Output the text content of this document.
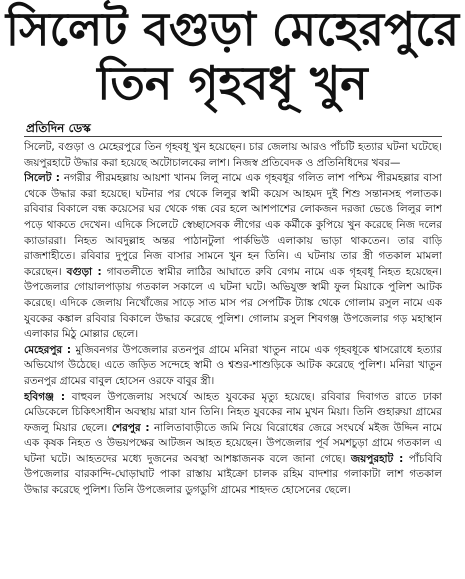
সিলেট বগুড়া মেহেরপুরে
তিন গৃহবধূ খুন
প্রতিদিন ডেস্ক

সিলেট, বগুড়া ও মেহেরপুরে তিন গৃহবধূ খুন হয়েছেন। চার জেলায় আরও পাঁচটি হত্যার ঘটনা ঘটেছে। জয়পুরহাটে উদ্ধার করা হয়েছে অটোচালকের লাশ। নিজস্ব প্রতিবেদক ও প্রতিনিধিদের খবর—
সিলেট : নগরীর পীরমহল্লায় আয়শা খানম লিলু নামে এক গৃহবধূর গলিত লাশ পশ্চিম পীরমহল্লার বাসা থেকে উদ্ধার করা হয়েছে। ঘটনার পর থেকে লিলুর স্বামী কয়েস আহমদ দুই শিশু সন্তানসহ পলাতক। রবিবার বিকালে বন্ধ কয়েসের ঘর থেকে গন্ধ বের হলে আশপাশের লোকজন দরজা ভেঙে লিলুর লাশ পড়ে থাকতে দেখেন। এদিকে সিলেটে স্বেচ্ছাসেবক লীগের এক কর্মীকে কুপিয়ে খুন করেছে নিজ দলের ক্যাডাররা। নিহত আবদুল্লাহ অন্তর পাঠানটুলা পার্কভিউ এলাকায় ভাড়া থাকতেন। তার বাড়ি রাজশাহীতে। রবিবার দুপুরে নিজ বাসার সামনে খুন হন তিনি। এ ঘটনায় তার স্ত্রী গতকাল মামলা করেছেন। বগুড়া : গাবতলীতে স্বামীর লাঠির আঘাতে রুবি বেগম নামে এক গৃহবধূ নিহত হয়েছেন। উপজেলার গোয়ালপাড়ায় গতকাল সকালে এ ঘটনা ঘটে। অভিযুক্ত স্বামী ফুল মিয়াকে পুলিশ আটক করেছে। এদিকে জেলায় নিখোঁজের সাড়ে সাত মাস পর সেপটিক ট্যাঙ্ক থেকে গোলাম রসুল নামে এক যুবকের কঙ্কাল রবিবার বিকালে উদ্ধার করেছে পুলিশ। গোলাম রসুল শিবগঞ্জ উপজেলার গড় মহাস্থান এলাকার মিঠু মোল্লার ছেলে।
মেহেরপুর : মুজিবনগর উপজেলার রতনপুর গ্রামে মনিরা খাতুন নামে এক গৃহবধূকে শ্বাসরোধে হত্যার অভিযোগ উঠেছে। এতে জড়িত সন্দেহে স্বামী ও শ্বশুর-শাশুড়িকে আটক করেছে পুলিশ। মনিরা খাতুন রতনপুর গ্রামের বাবুল হোসেন ওরফে বাবুর স্ত্রী।
হবিগঞ্জ : বাহুবল উপজেলায় সংঘর্ষে আহত যুবকের মৃত্যু হয়েছে। রবিবার দিবাগত রাতে ঢাকা মেডিকেলে চিকিৎসাধীন অবস্থায় মারা যান তিনি। নিহত যুবকের নাম মুখন মিয়া। তিনি গুহারুয়া গ্রামের ফজলু মিয়ার ছেলে। শেরপুর : নালিতাবাড়ীতে জমি নিয়ে বিরোধের জেরে সংঘর্ষে মইজ উদ্দিন নামে এক কৃষক নিহত ও উভয়পক্ষের আটজন আহত হয়েছেন। উপজেলার পূর্ব সমশচুড়া গ্রামে গতকাল এ ঘটনা ঘটে। আহতদের মধ্যে দুজনের অবস্থা আশঙ্কাজনক বলে জানা গেছে। জয়পুরহাট : পাঁচবিবি উপজেলার বারকান্দি-ঘোড়াঘাট পাকা রাস্তায় মাইক্রো চালক রহিম বাদশার গলাকাটা লাশ গতকাল উদ্ধার করেছে পুলিশ। তিনি উপজেলার ডুগডুগি গ্রামের শাহদত হোসেনের ছেলে।
